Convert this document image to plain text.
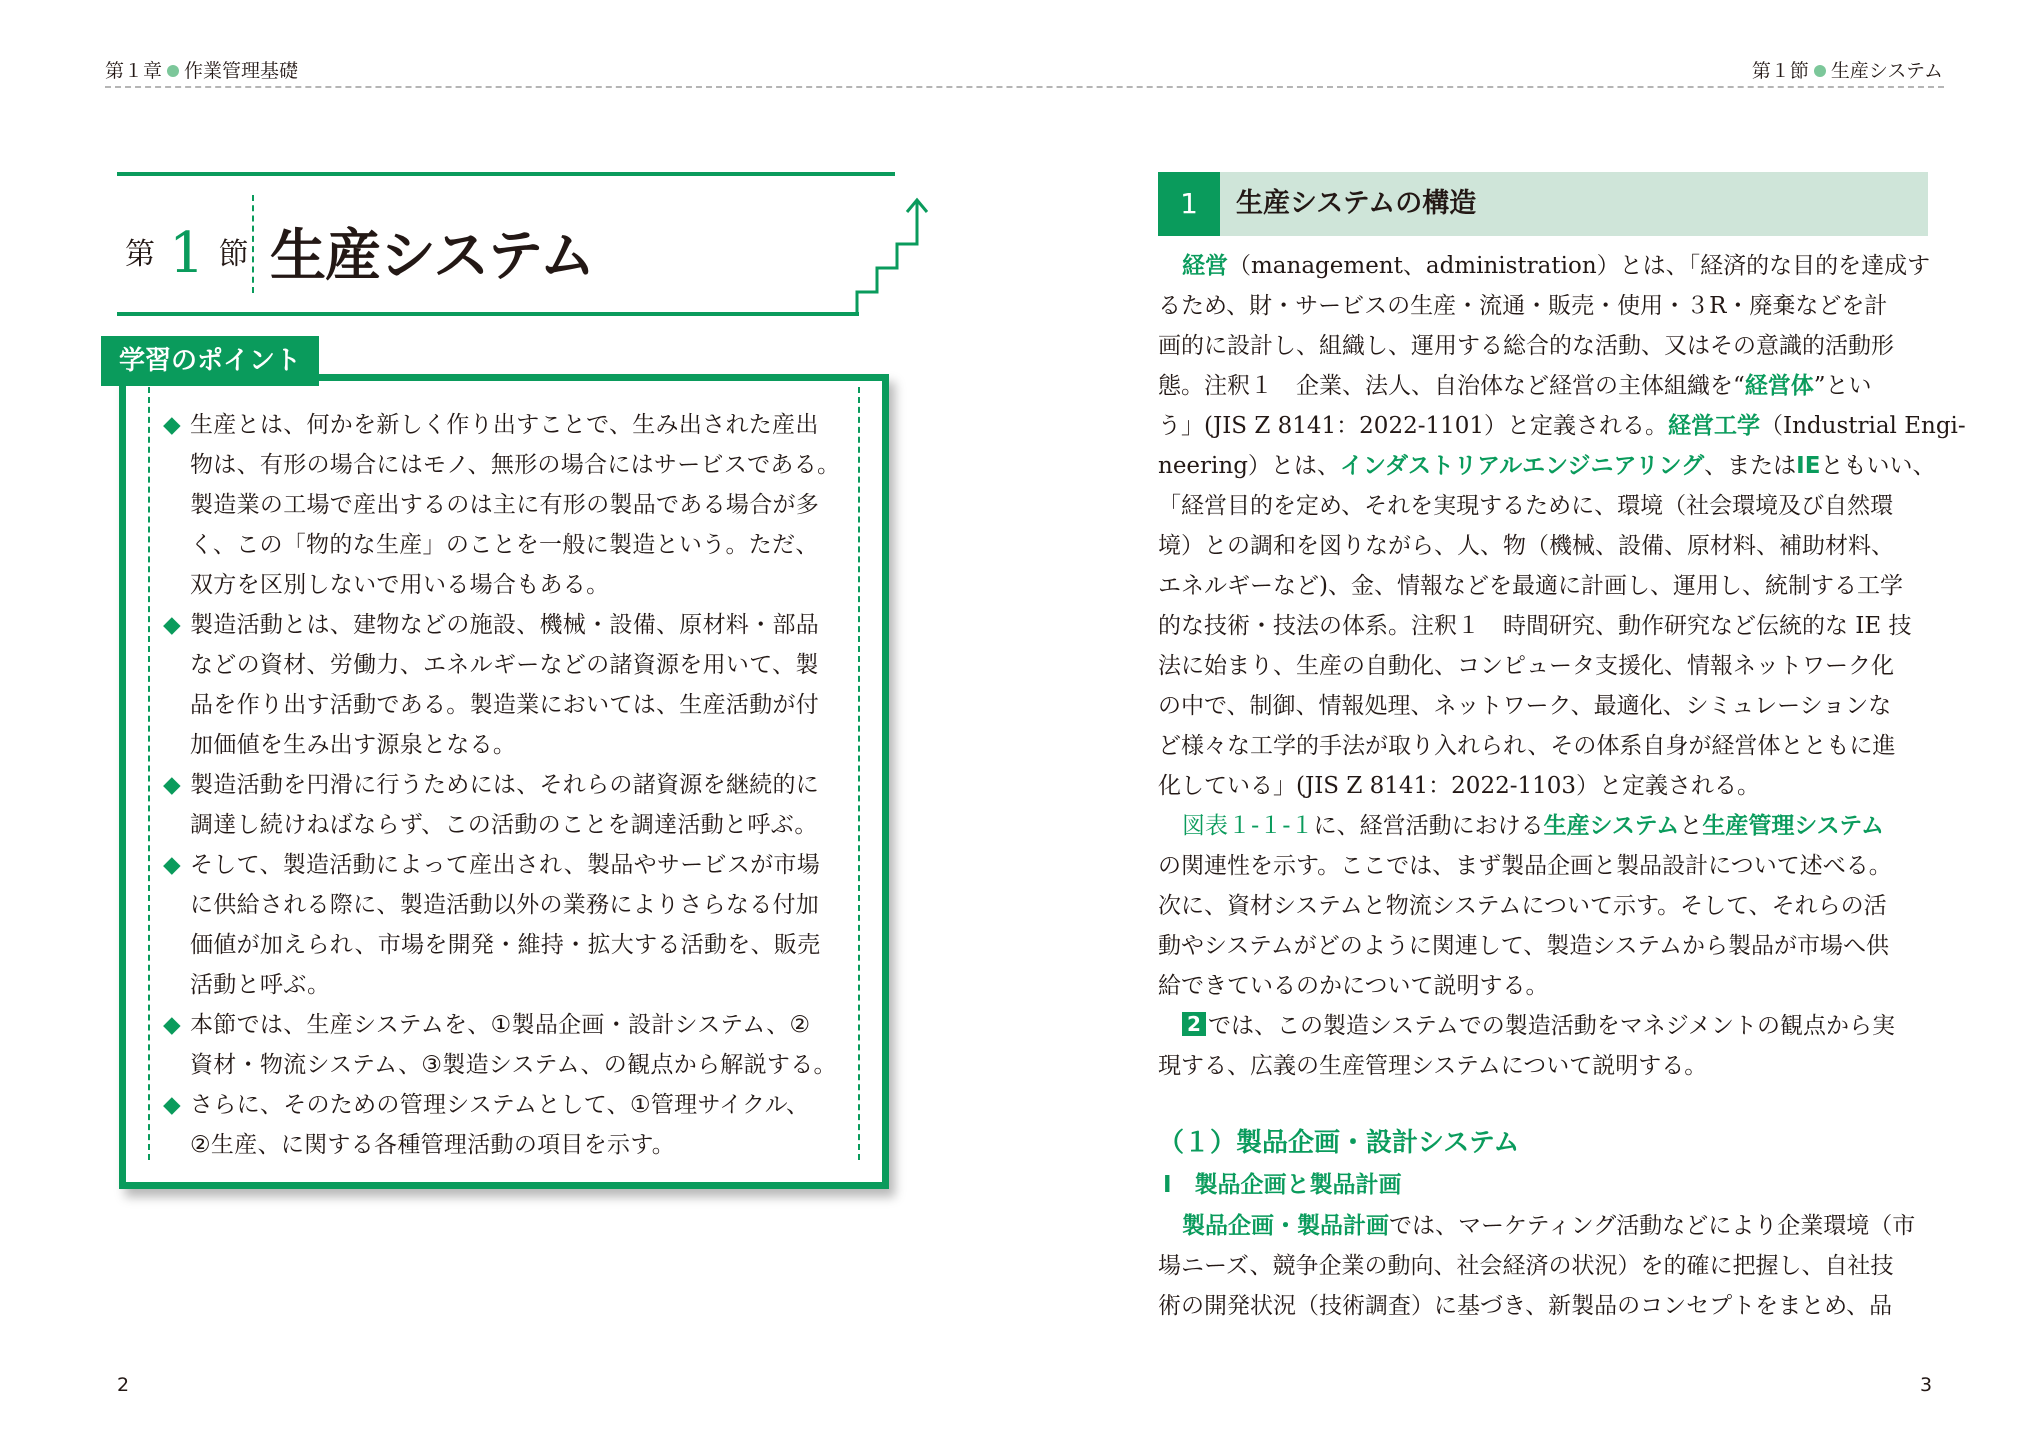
第１章 作業管理基礎	第１節 生産システム
第 1 節 生産システム
学習のポイント
◆ 生産とは、何かを新しく作り出すことで、生み出された産出
物は、有形の場合にはモノ、無形の場合にはサービスである。
製造業の工場で産出するのは主に有形の製品である場合が多
く、この「物的な生産」のことを一般に製造という。ただ、
双方を区別しないで用いる場合もある。
◆ 製造活動とは、建物などの施設、機械・設備、原材料・部品
などの資材、労働力、エネルギーなどの諸資源を用いて、製
品を作り出す活動である。製造業においては、生産活動が付
加価値を生み出す源泉となる。
◆ 製造活動を円滑に行うためには、それらの諸資源を継続的に
調達し続けねばならず、この活動のことを調達活動と呼ぶ。
◆ そして、製造活動によって産出され、製品やサービスが市場
に供給される際に、製造活動以外の業務によりさらなる付加
価値が加えられ、市場を開発・維持・拡大する活動を、販売
活動と呼ぶ。
◆ 本節では、生産システムを、①製品企画・設計システム、②
資材・物流システム、③製造システム、の観点から解説する。
◆ さらに、そのための管理システムとして、①管理サイクル、
②生産、に関する各種管理活動の項目を示す。
1	生産システムの構造
経営（management、administration）とは、「経済的な目的を達成す
るため、財・サービスの生産・流通・販売・使用・３R・廃棄などを計
画的に設計し、組織し、運用する総合的な活動、又はその意識的活動形
態。注釈１　企業、法人、自治体など経営の主体組織を“経営体”とい
う」(JIS Z 8141：2022-1101）と定義される。経営工学（Industrial Engi-
neering）とは、インダストリアルエンジニアリング、またはIEともいい、
「経営目的を定め、それを実現するために、環境（社会環境及び自然環
境）との調和を図りながら、人、物（機械、設備、原材料、補助材料、
エネルギーなど)、金、情報などを最適に計画し、運用し、統制する工学
的な技術・技法の体系。注釈１　時間研究、動作研究など伝統的な IE 技
法に始まり、生産の自動化、コンピュータ支援化、情報ネットワーク化
の中で、制御、情報処理、ネットワーク、最適化、シミュレーションな
ど様々な工学的手法が取り入れられ、その体系自身が経営体とともに進
化している」(JIS Z 8141：2022-1103）と定義される。
図表１-１-１に、経営活動における生産システムと生産管理システム
の関連性を示す。ここでは、まず製品企画と製品設計について述べる。
次に、資材システムと物流システムについて示す。そして、それらの活
動やシステムがどのように関連して、製造システムから製品が市場へ供
給できているのかについて説明する。
2 では、この製造システムでの製造活動をマネジメントの観点から実
現する、広義の生産管理システムについて説明する。
（１）製品企画・設計システム
Ⅰ　製品企画と製品計画
製品企画・製品計画では、マーケティング活動などにより企業環境（市
場ニーズ、競争企業の動向、社会経済の状況）を的確に把握し、自社技
術の開発状況（技術調査）に基づき、新製品のコンセプトをまとめ、品
2	3
